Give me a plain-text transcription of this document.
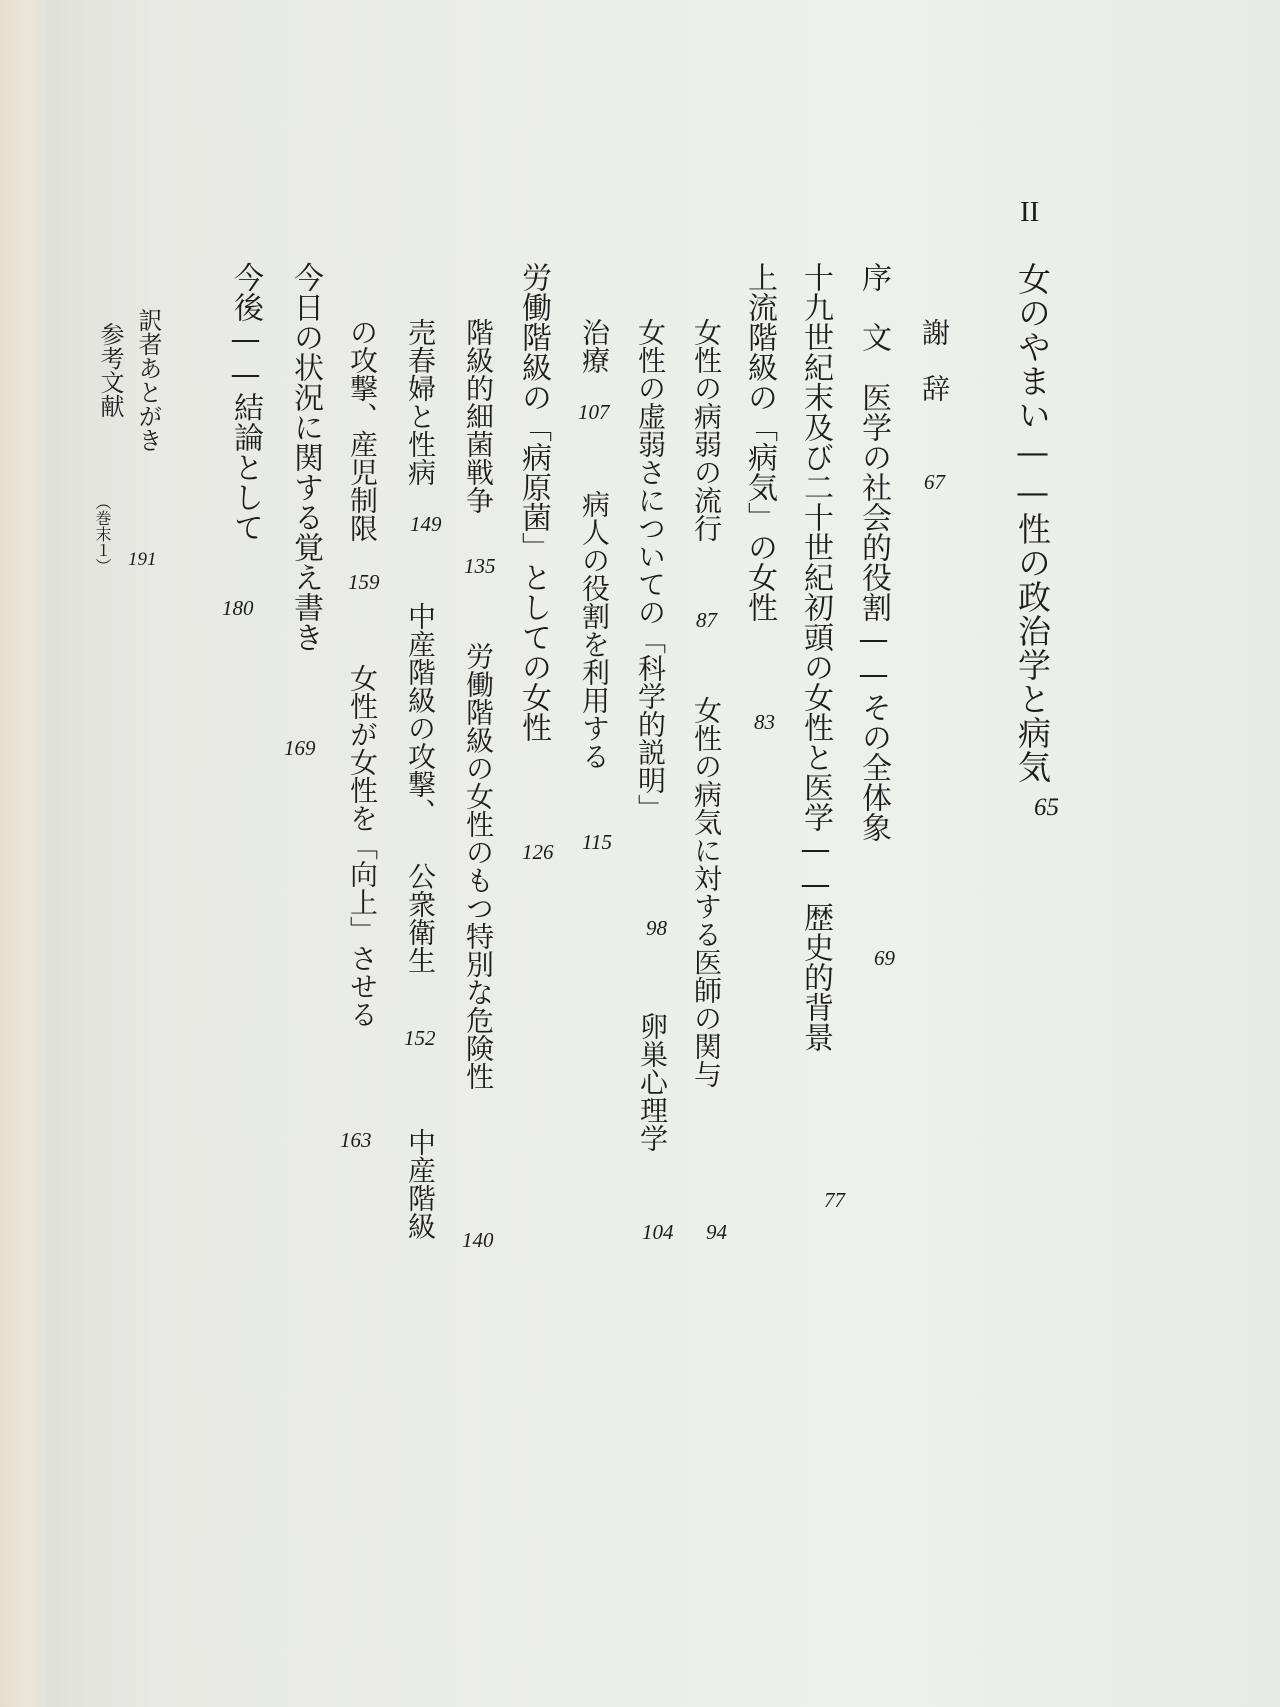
II
女のやまい——性の政治学と病気
65
謝　辞
67
序　文　医学の社会的役割——その全体象
69
十九世紀末及び二十世紀初頭の女性と医学——歴史的背景
77
上流階級の「病気」の女性
83
女性の病弱の流行
87
女性の病気に対する医師の関与
94
女性の虚弱さについての「科学的説明」
98
卵巣心理学
104
治療
107
病人の役割を利用する
115
労働階級の「病原菌」としての女性
126
階級的細菌戦争
135
労働階級の女性のもつ特別な危険性
140
売春婦と性病
149
中産階級の攻撃、
公衆衛生
152
中産階級
の攻撃、産児制限
159
女性が女性を「向上」させる
163
今日の状況に関する覚え書き
169
今後——結論として
180
訳者あとがき
191
参考文献
（巻末１）
